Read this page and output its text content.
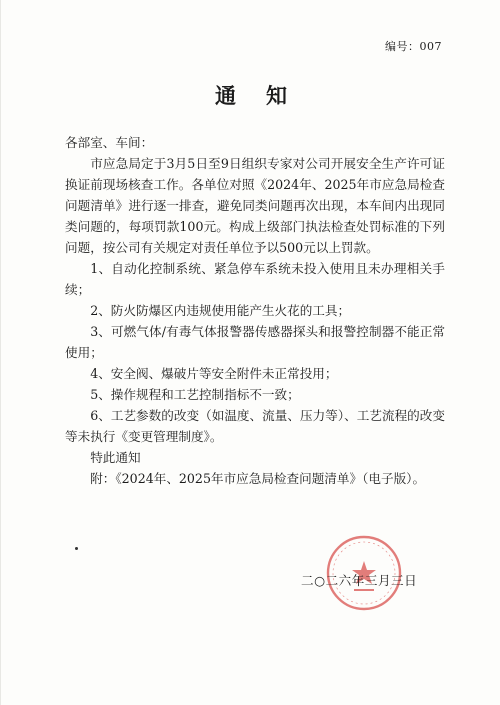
编号：007
通知

各部室、车间：

市应急局定于3月5日至9日组织专家对公司开展安全生产许可证换证前现场核查工作。各单位对照《2024年、2025年市应急局检查问题清单》进行逐一排查，避免同类问题再次出现，本车间内出现同类问题的，每项罚款100元。构成上级部门执法检查处罚标准的下列问题，按公司有关规定对责任单位予以500元以上罚款。

1、自动化控制系统、紧急停车系统未投入使用且未办理相关手续；

2、防火防爆区内违规使用能产生火花的工具；

3、可燃气体/有毒气体报警器传感器探头和报警控制器不能正常使用；

4、安全阀、爆破片等安全附件未正常投用；

5、操作规程和工艺控制指标不一致；

6、工艺参数的改变（如温度、流量、压力等）、工艺流程的改变等未执行《变更管理制度》。

特此通知

附：《2024年、2025年市应急局检查问题清单》（电子版）。

二○二六年三月三日
